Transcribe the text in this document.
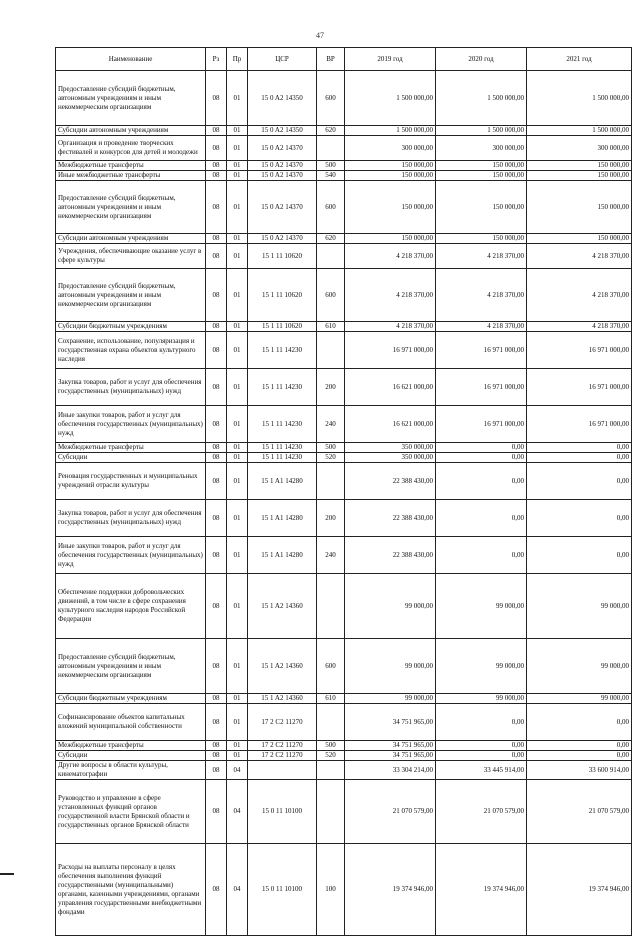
47
Наименование	Рз	Пр	ЦСР	ВР	2019 год	2020 год	2021 год
Предоставление субсидий бюджетным, автономным учреждениям и иным некоммерческим организациям	08	01	15 0 A2 14350	600	1 500 000,00	1 500 000,00	1 500 000,00
Субсидии автономным учреждениям	08	01	15 0 A2 14350	620	1 500 000,00	1 500 000,00	1 500 000,00
Организация и проведение творческих фестивалей и конкурсов для детей и молодежи	08	01	15 0 A2 14370		300 000,00	300 000,00	300 000,00
Межбюджетные трансферты	08	01	15 0 A2 14370	500	150 000,00	150 000,00	150 000,00
Иные межбюджетные трансферты	08	01	15 0 A2 14370	540	150 000,00	150 000,00	150 000,00
Предоставление субсидий бюджетным, автономным учреждениям и иным некоммерческим организациям	08	01	15 0 A2 14370	600	150 000,00	150 000,00	150 000,00
Субсидии автономным учреждениям	08	01	15 0 A2 14370	620	150 000,00	150 000,00	150 000,00
Учреждения, обеспечивающие оказание услуг в сфере культуры	08	01	15 1 11 10620		4 218 370,00	4 218 370,00	4 218 370,00
Предоставление субсидий бюджетным, автономным учреждениям и иным некоммерческим организациям	08	01	15 1 11 10620	600	4 218 370,00	4 218 370,00	4 218 370,00
Субсидии бюджетным учреждениям	08	01	15 1 11 10620	610	4 218 370,00	4 218 370,00	4 218 370,00
Сохранение, использование, популяризация и государственная охрана объектов культурного наследия	08	01	15 1 11 14230		16 971 000,00	16 971 000,00	16 971 000,00
Закупка товаров, работ и услуг для обеспечения государственных (муниципальных) нужд	08	01	15 1 11 14230	200	16 621 000,00	16 971 000,00	16 971 000,00
Иные закупки товаров, работ и услуг для обеспечения государственных (муниципальных) нужд	08	01	15 1 11 14230	240	16 621 000,00	16 971 000,00	16 971 000,00
Межбюджетные трансферты	08	01	15 1 11 14230	500	350 000,00	0,00	0,00
Субсидии	08	01	15 1 11 14230	520	350 000,00	0,00	0,00
Реновация государственных и муниципальных учреждений отрасли культуры	08	01	15 1 A1 14280		22 388 430,00	0,00	0,00
Закупка товаров, работ и услуг для обеспечения государственных (муниципальных) нужд	08	01	15 1 A1 14280	200	22 388 430,00	0,00	0,00
Иные закупки товаров, работ и услуг для обеспечения государственных (муниципальных) нужд	08	01	15 1 A1 14280	240	22 388 430,00	0,00	0,00
Обеспечение поддержки добровольческих движений, в том числе в сфере сохранения культурного наследия народов Российской Федерации	08	01	15 1 A2 14360		99 000,00	99 000,00	99 000,00
Предоставление субсидий бюджетным, автономным учреждениям и иным некоммерческим организациям	08	01	15 1 A2 14360	600	99 000,00	99 000,00	99 000,00
Субсидии бюджетным учреждениям	08	01	15 1 A2 14360	610	99 000,00	99 000,00	99 000,00
Софинансирование объектов капитальных вложений муниципальной собственности	08	01	17 2 C2 11270		34 751 965,00	0,00	0,00
Межбюджетные трансферты	08	01	17 2 C2 11270	500	34 751 965,00	0,00	0,00
Субсидии	08	01	17 2 C2 11270	520	34 751 965,00	0,00	0,00
Другие вопросы в области культуры, кинематографии	08	04			33 304 214,00	33 445 914,00	33 600 914,00
Руководство и управление в сфере установленных функций органов государственной власти Брянской области и государственных органов Брянской области	08	04	15 0 11 10100		21 070 579,00	21 070 579,00	21 070 579,00
Расходы на выплаты персоналу в целях обеспечения выполнения функций государственными (муниципальными) органами, казенными учреждениями, органами управления государственными внебюджетными фондами	08	04	15 0 11 10100	100	19 374 946,00	19 374 946,00	19 374 946,00
